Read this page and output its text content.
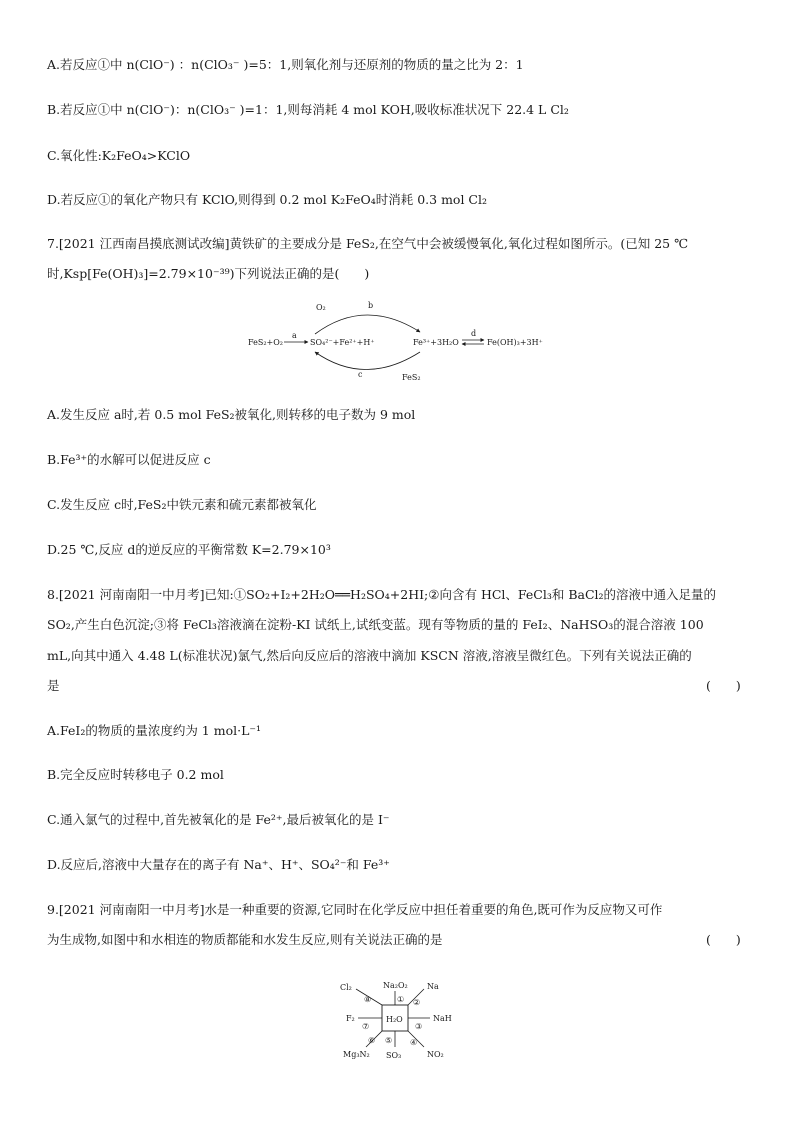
A.若反应①中 n(ClO⁻) ：n(ClO₃⁻ )=5：1,则氧化剂与还原剂的物质的量之比为 2：1
B.若反应①中 n(ClO⁻)：n(ClO₃⁻ )=1：1,则每消耗 4 mol KOH,吸收标准状况下 22.4 L Cl₂
C.氧化性:K₂FeO₄>KClO
D.若反应①的氧化产物只有 KClO,则得到 0.2 mol K₂FeO₄时消耗 0.3 mol Cl₂
7.[2021 江西南昌摸底测试改编]黄铁矿的主要成分是 FeS₂,在空气中会被缓慢氧化,氧化过程如图所示。(已知 25 ℃
时,Ksp[Fe(OH)₃]=2.79×10⁻³⁹)下列说法正确的是(　　)
FeS₂+O₂
a
SO₄²⁻+Fe²⁺+H⁺
O₂	b
Fe³⁺+3H₂O
d
Fe(OH)₃+3H⁺
c	FeS₂
A.发生反应 a时,若 0.5 mol FeS₂被氧化,则转移的电子数为 9 mol
B.Fe³⁺的水解可以促进反应 c
C.发生反应 c时,FeS₂中铁元素和硫元素都被氧化
D.25 ℃,反应 d的逆反应的平衡常数 K=2.79×10³
8.[2021 河南南阳一中月考]已知:①SO₂+I₂+2H₂O══H₂SO₄+2HI;②向含有 HCl、FeCl₃和 BaCl₂的溶液中通入足量的
SO₂,产生白色沉淀;③将 FeCl₃溶液滴在淀粉-KI 试纸上,试纸变蓝。现有等物质的量的 FeI₂、NaHSO₃的混合溶液 100
mL,向其中通入 4.48 L(标准状况)氯气,然后向反应后的溶液中滴加 KSCN 溶液,溶液呈微红色。下列有关说法正确的
是	(　　)
A.FeI₂的物质的量浓度约为 1 mol·L⁻¹
B.完全反应时转移电子 0.2 mol
C.通入氯气的过程中,首先被氧化的是 Fe²⁺,最后被氧化的是 I⁻
D.反应后,溶液中大量存在的离子有 Na⁺、H⁺、SO₄²⁻和 Fe³⁺
9.[2021 河南南阳一中月考]水是一种重要的资源,它同时在化学反应中担任着重要的角色,既可作为反应物又可作
为生成物,如图中和水相连的物质都能和水发生反应,则有关说法正确的是	(　　)
H₂O
Na₂O₂ Na
NaH
NO₂
SO₃
Mg₃N₂
F₂
Cl₂
① ②
③
④
⑤
⑥
⑦
⑧
